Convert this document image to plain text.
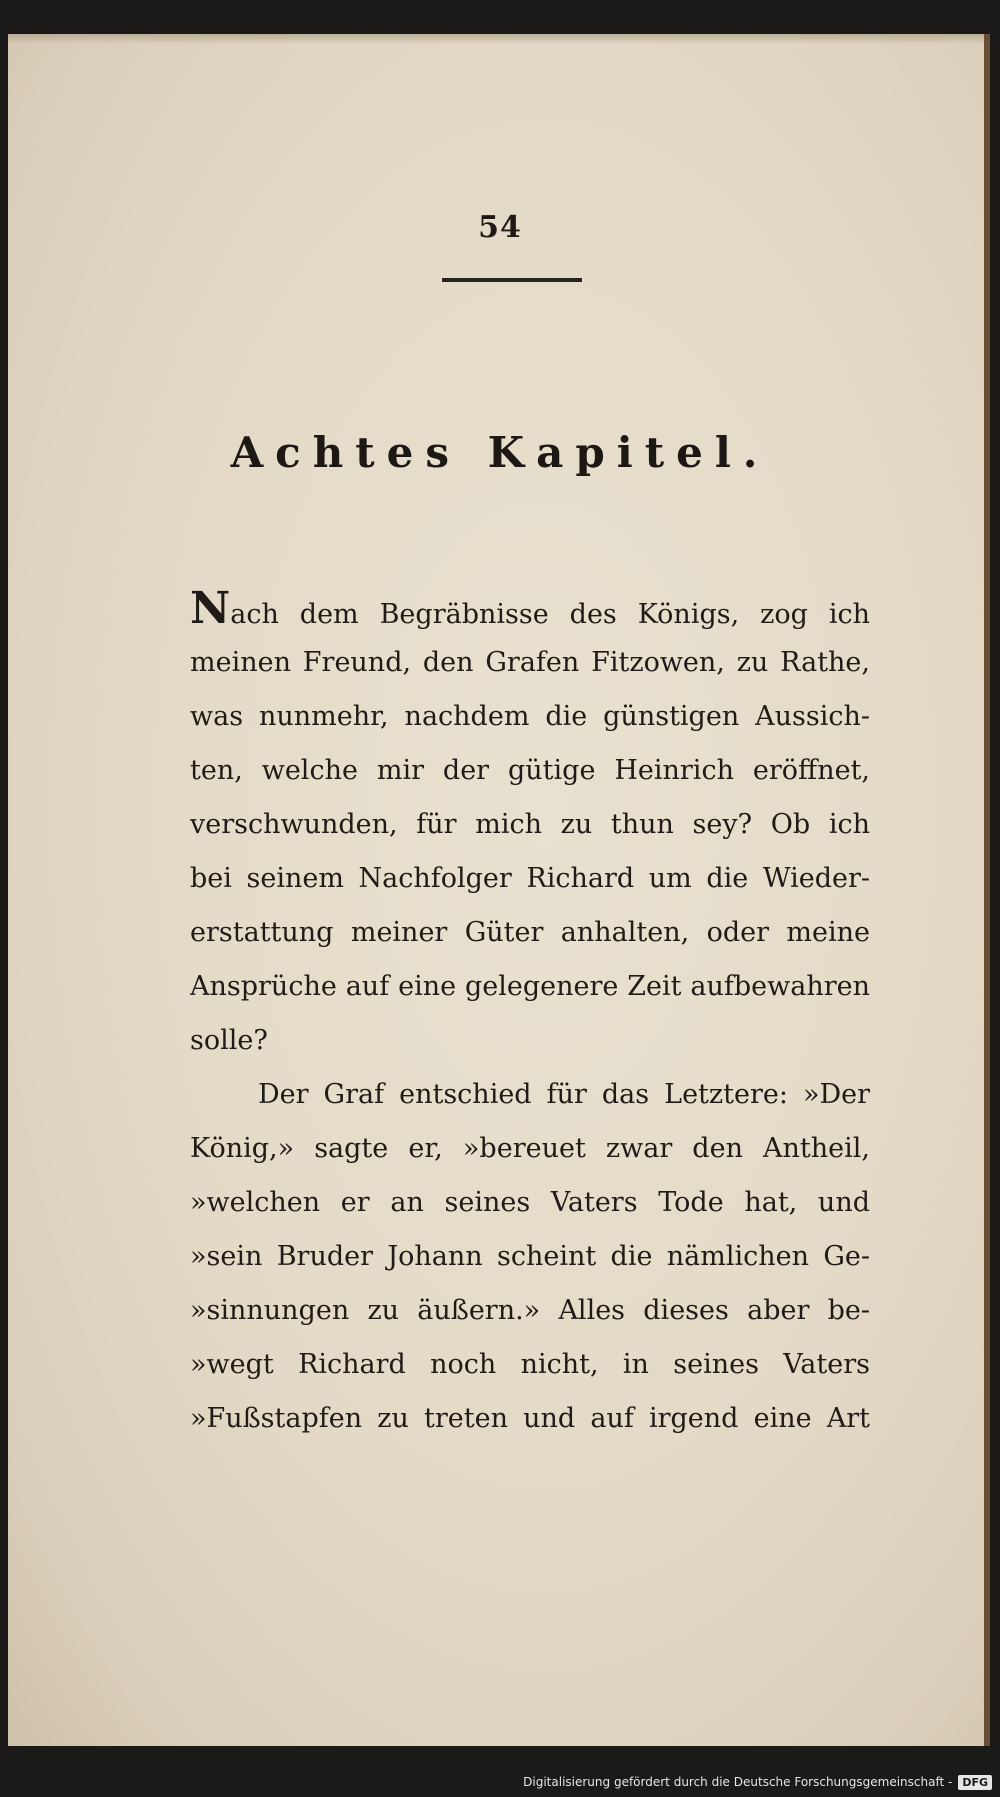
54
Achtes Kapitel.
Nach dem Begräbnisse des Königs, zog ich
meinen Freund, den Grafen Fitzowen, zu Rathe,
was nunmehr, nachdem die günstigen Aussich-
ten, welche mir der gütige Heinrich eröffnet,
verschwunden, für mich zu thun sey? Ob ich
bei seinem Nachfolger Richard um die Wieder-
erstattung meiner Güter anhalten, oder meine
Ansprüche auf eine gelegenere Zeit aufbewahren
solle?
Der Graf entschied für das Letztere: »Der
König,» sagte er, »bereuet zwar den Antheil,
»welchen er an seines Vaters Tode hat, und
»sein Bruder Johann scheint die nämlichen Ge-
»sinnungen zu äußern.» Alles dieses aber be-
»wegt Richard noch nicht, in seines Vaters
»Fußstapfen zu treten und auf irgend eine Art
Digitalisierung gefördert durch die Deutsche Forschungsgemeinschaft - DFG
